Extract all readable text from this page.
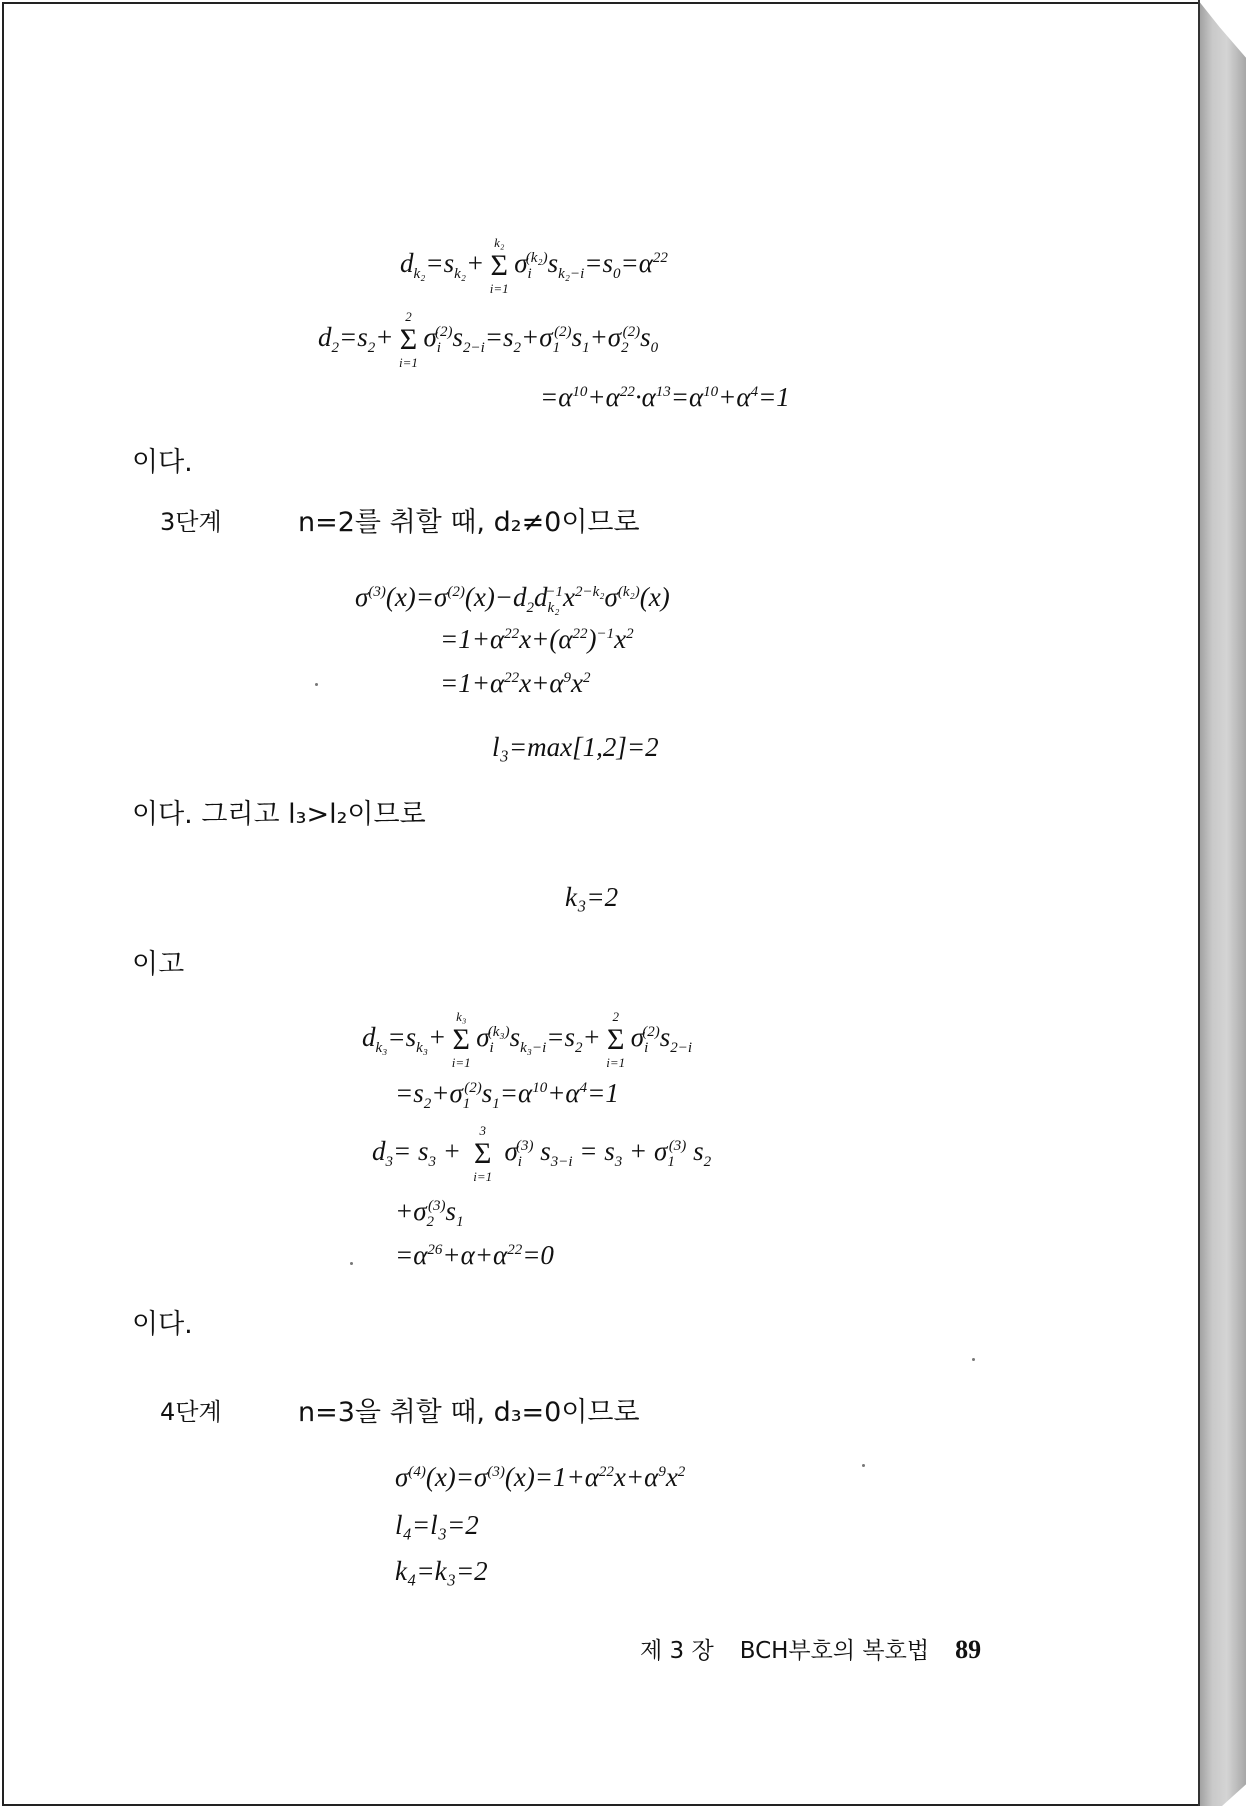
$d_{k_2}=s_{k_2}+$
k₂
Σ
i=1
$\sigma_i^{(k_2)}s_{k_2-i}=s_0=\alpha^{22}$
$d_2=s_2+$
2
Σ
i=1
$\sigma_i^{(2)}s_{2-i}=s_2+\sigma_1^{(2)}s_1+\sigma_2^{(2)}s_0$
$=\alpha^{10}+\alpha^{22}\cdot\alpha^{13}=\alpha^{10}+\alpha^4=1$
이다.
3단계	n=2를 취할 때, d₂≠0이므로
$\sigma^{(3)}(x)=\sigma^{(2)}(x)-d_2d_{k_2}^{-1}x^{2-k_2}\sigma^{(k_2)}(x)$
$=1+\alpha^{22}x+(\alpha^{22})^{-1}x^2$
$=1+\alpha^{22}x+\alpha^9x^2$
l₃=max[1,2]=2
이다. 그리고 l₃>l₂이므로
k₃=2
이고
$d_{k_3}=s_{k_3}+$
k₃
Σ
i=1
$\sigma_i^{(k_3)}s_{k_3-i}=s_2+$
2
Σ
i=1
$\sigma_i^{(2)}s_{2-i}$
$=s_2+\sigma_1^{(2)}s_1=\alpha^{10}+\alpha^4=1$
$d_3= s_3$ +
3
Σ
i=1
$\sigma_i^{(3)}$ $s_{3-i} = s_3 + \sigma_1^{(3)}$ $s_2$
$+\sigma_2^{(3)}s_1$
$=\alpha^{26}+\alpha+\alpha^{22}=0$
이다.
4단계	n=3을 취할 때, d₃=0이므로
$\sigma^{(4)}(x)=\sigma^{(3)}(x)=1+\alpha^{22}x+\alpha^9x^2$
l₄=l₃=2
k₄=k₃=2
제 3 장 BCH부호의 복호법 89
